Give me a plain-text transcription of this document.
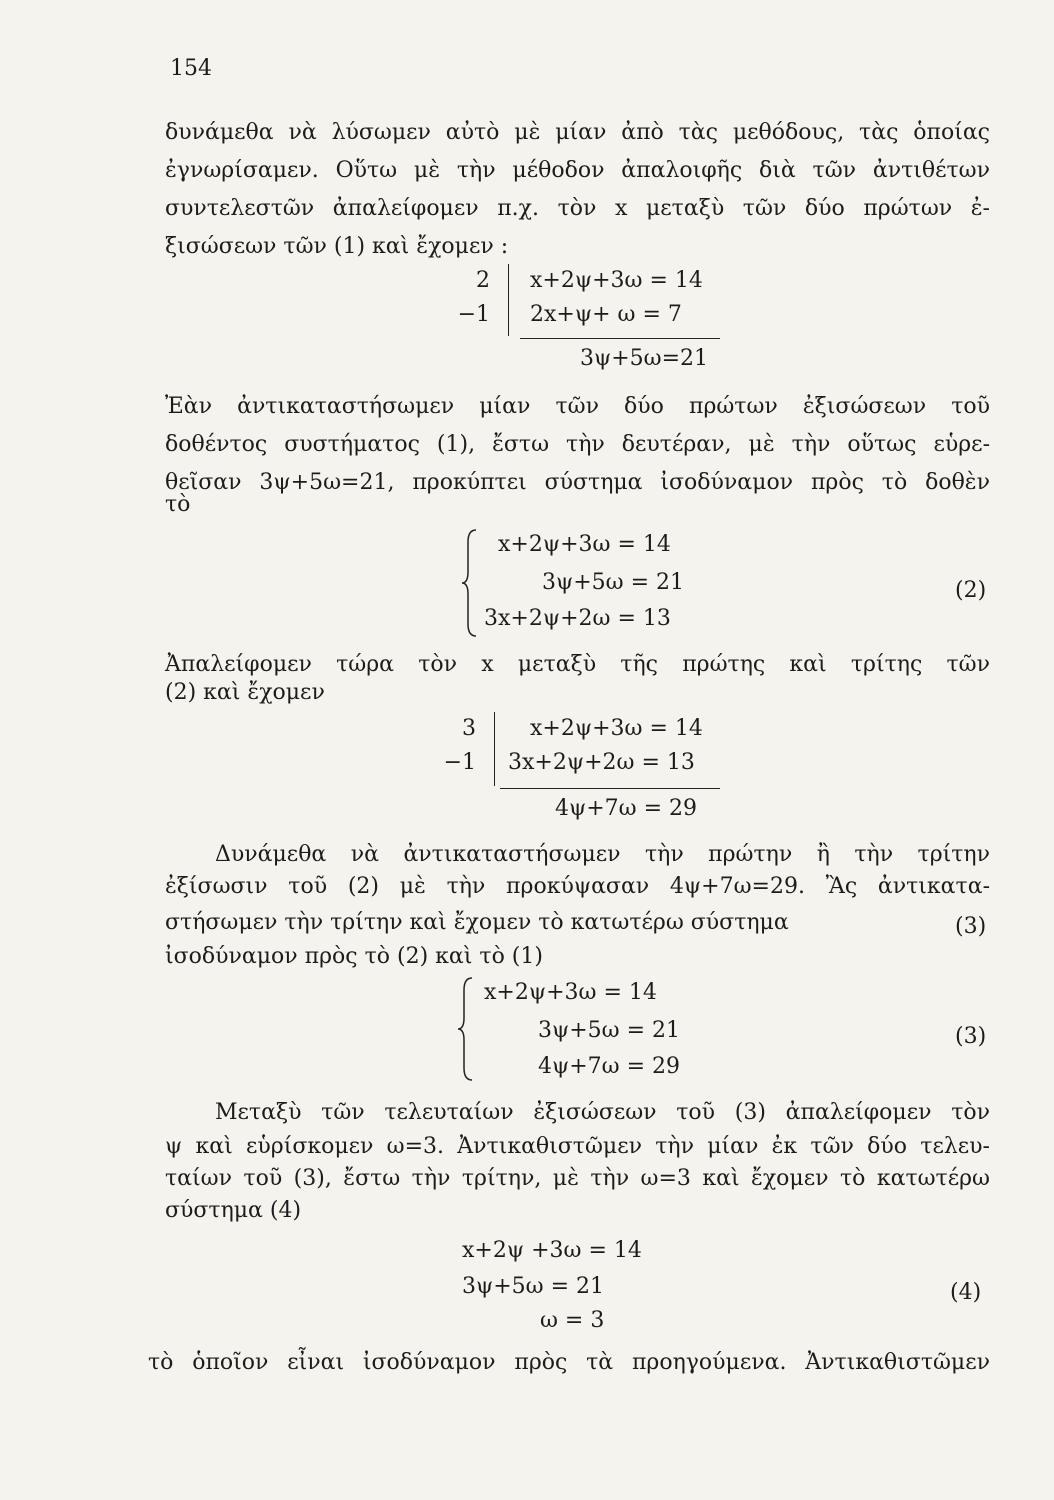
154
δυνάμεθα νὰ λύσωμεν αὐτὸ μὲ μίαν ἀπὸ τὰς μεθόδους, τὰς ὁποίας
ἐγνωρίσαμεν. Οὕτω μὲ τὴν μέθοδον ἀπαλοιφῆς διὰ τῶν ἀντιθέτων
συντελεστῶν ἀπαλείφομεν π.χ. τὸν x μεταξὺ τῶν δύο πρώτων ἐ-
ξισώσεων τῶν (1) καὶ ἔχομεν :
2
−1
x+2ψ+3ω = 14
2x+ψ+ ω = 7
3ψ+5ω=21
Ἐὰν ἀντικαταστήσωμεν μίαν τῶν δύο πρώτων ἐξισώσεων τοῦ
δοθέντος συστήματος (1), ἔστω τὴν δευτέραν, μὲ τὴν οὕτως εὑρε-
θεῖσαν 3ψ+5ω=21, προκύπτει σύστημα ἰσοδύναμον πρὸς τὸ δοθὲν
τὸ
x+2ψ+3ω = 14
3ψ+5ω = 21
3x+2ψ+2ω = 13
(2)
Ἀπαλείφομεν τώρα τὸν x μεταξὺ τῆς πρώτης καὶ τρίτης τῶν
(2) καὶ ἔχομεν
3
−1
x+2ψ+3ω = 14
3x+2ψ+2ω = 13
4ψ+7ω = 29
Δυνάμεθα νὰ ἀντικαταστήσωμεν τὴν πρώτην ἢ τὴν τρίτην
ἐξίσωσιν τοῦ (2) μὲ τὴν προκύψασαν 4ψ+7ω=29. Ἂς ἀντικατα-
στήσωμεν τὴν τρίτην καὶ ἔχομεν τὸ κατωτέρω σύστημα	(3)
ἰσοδύναμον πρὸς τὸ (2) καὶ τὸ (1)
x+2ψ+3ω = 14
3ψ+5ω = 21
4ψ+7ω = 29
(3)
Μεταξὺ τῶν τελευταίων ἐξισώσεων τοῦ (3) ἀπαλείφομεν τὸν
ψ καὶ εὑρίσκομεν ω=3. Ἀντικαθιστῶμεν τὴν μίαν ἐκ τῶν δύο τελευ-
ταίων τοῦ (3), ἔστω τὴν τρίτην, μὲ τὴν ω=3 καὶ ἔχομεν τὸ κατωτέρω
σύστημα (4)
x+2ψ +3ω = 14
3ψ+5ω = 21
ω = 3
(4)
τὸ ὁποῖον εἶναι ἰσοδύναμον πρὸς τὰ προηγούμενα. Ἀντικαθιστῶμεν
